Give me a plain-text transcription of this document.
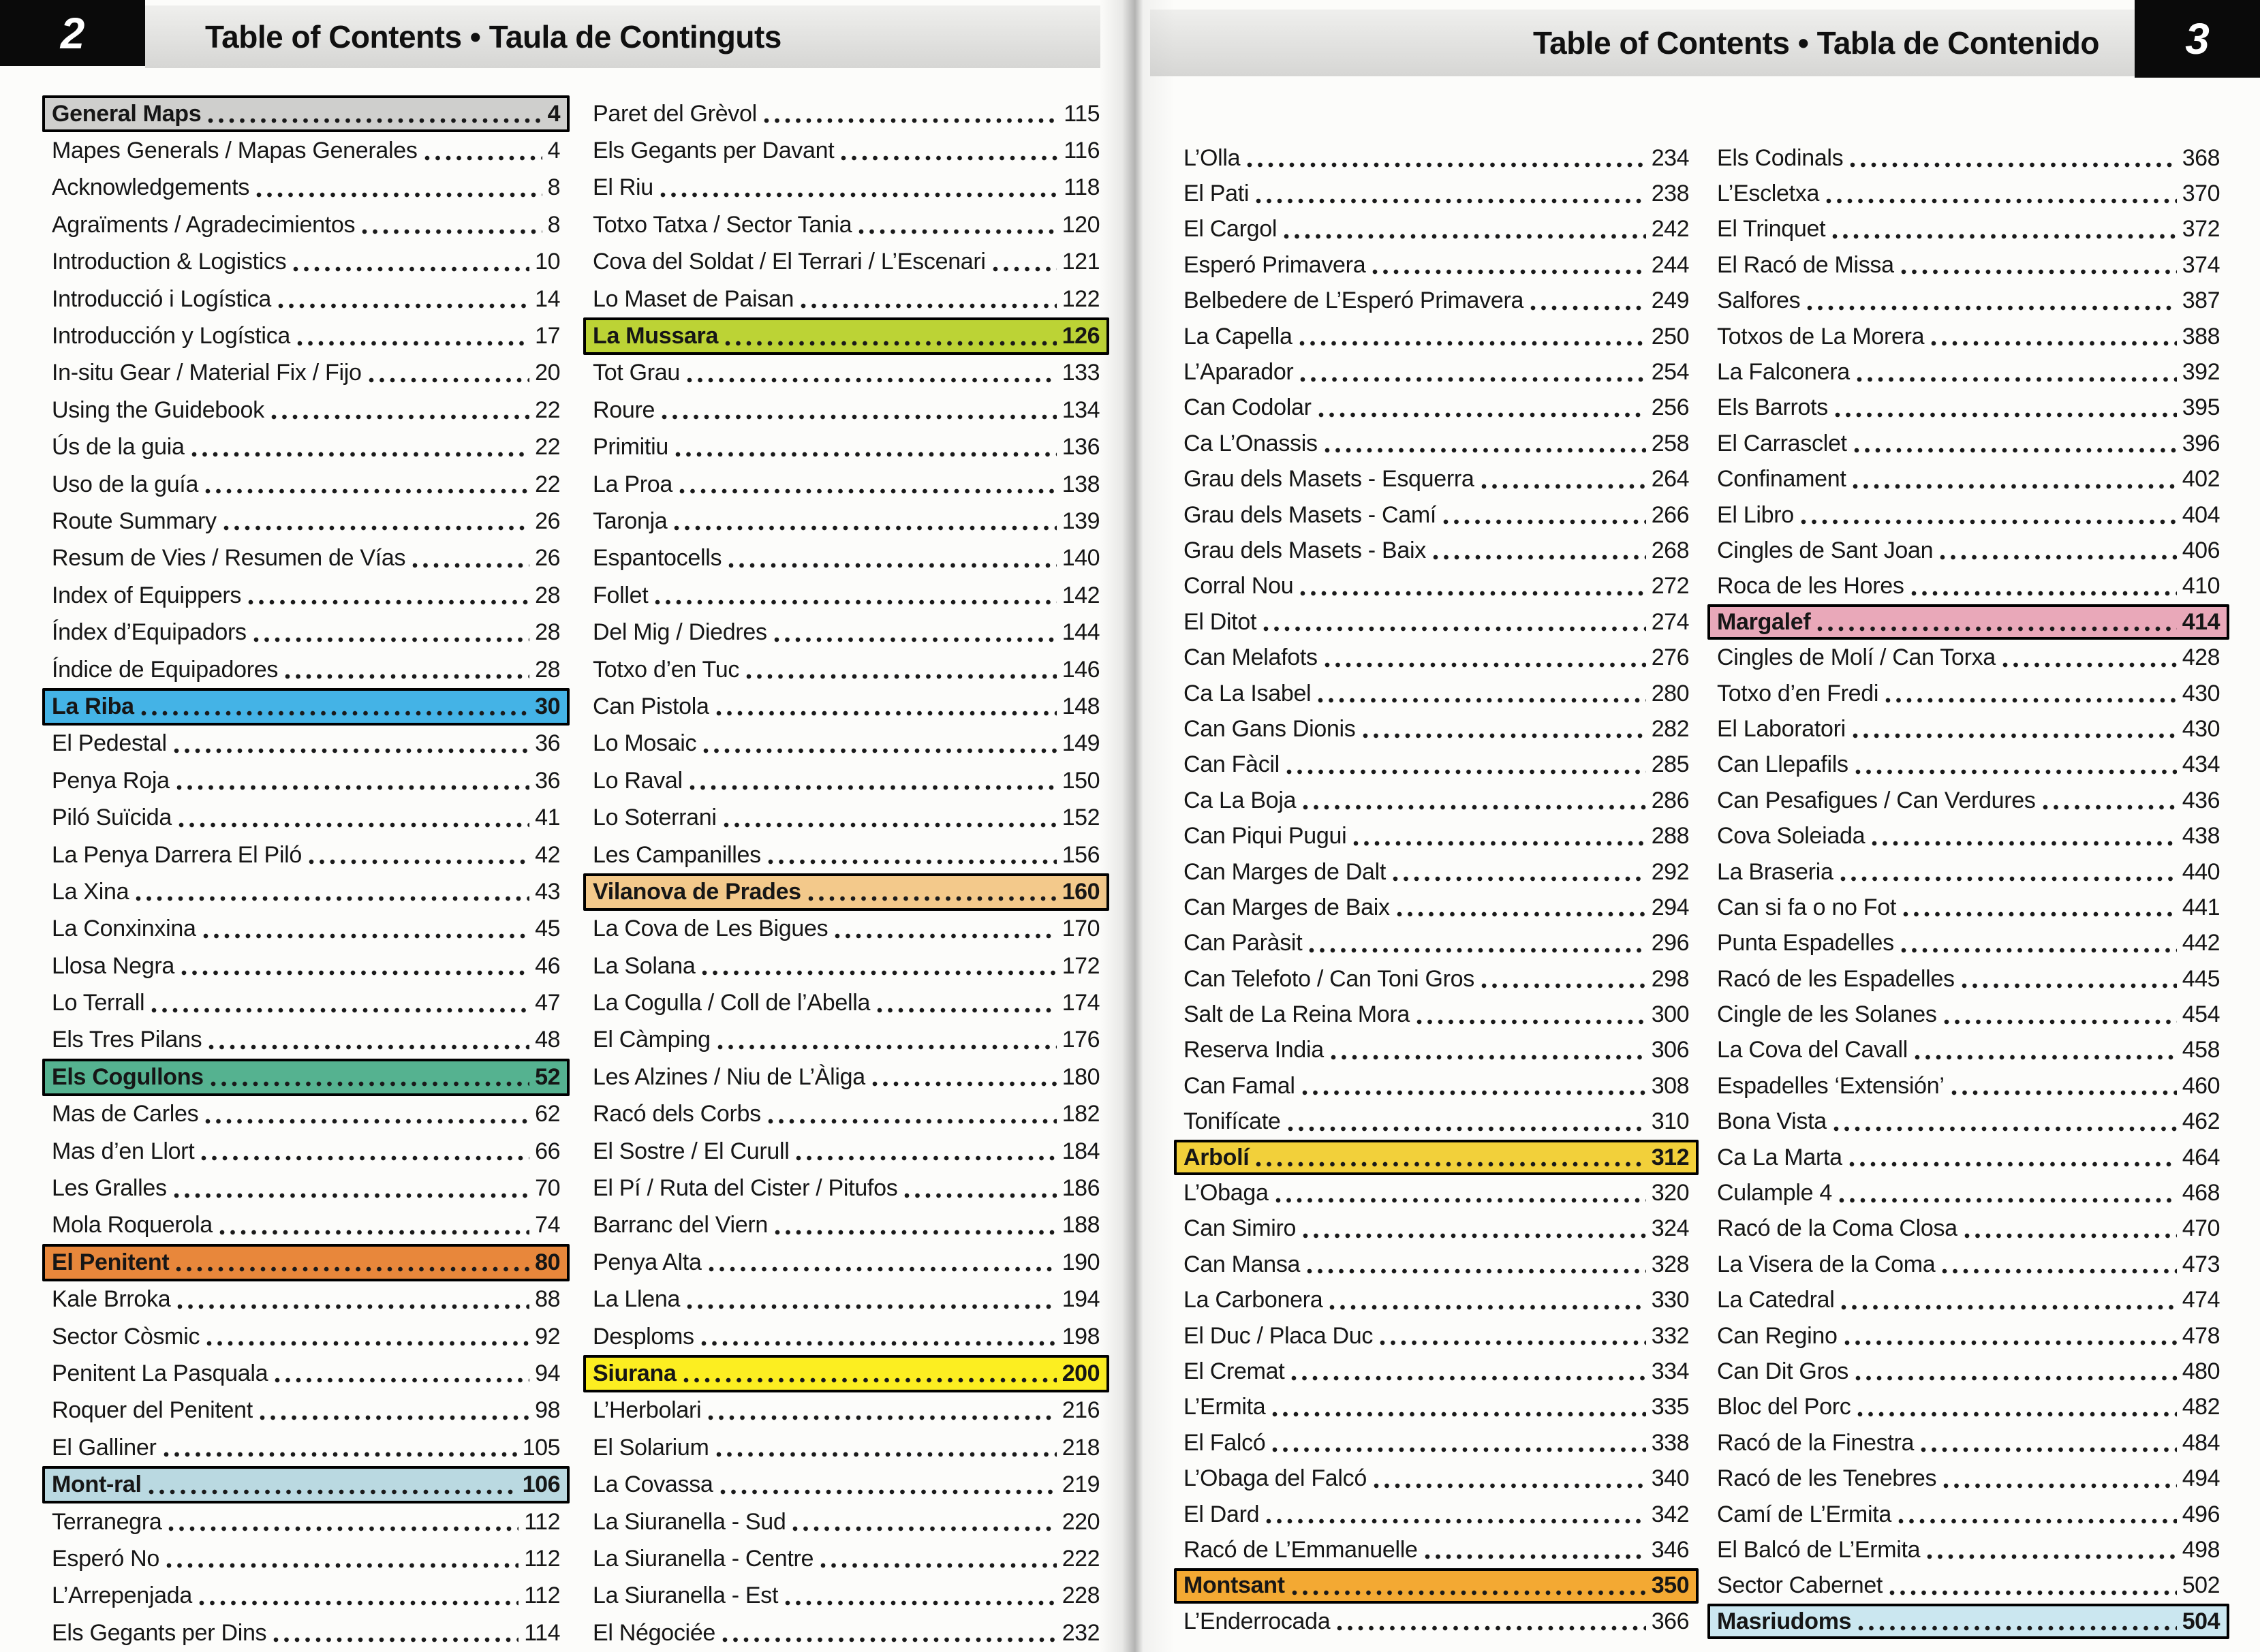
2	Table of Contents • Taula de Continguts	Table of Contents • Tabla de Contenido 3
General Maps	4
Mapes Generals / Mapas Generales	4
Acknowledgements	8
Agraïments / Agradecimientos	8
Introduction & Logistics	10
Introducció i Logística	14
Introducción y Logística	17
In-situ Gear / Material Fix / Fijo	20
Using the Guidebook	22
Ús de la guia	22
Uso de la guía	22
Route Summary	26
Resum de Vies / Resumen de Vías	26
Index of Equippers	28
Índex d’Equipadors	28
Índice de Equipadores	28
La Riba	30
El Pedestal	36
Penya Roja	36
Piló Suïcida	41
La Penya Darrera El Piló	42
La Xina	43
La Conxinxina	45
Llosa Negra	46
Lo Terrall	47
Els Tres Pilans	48
Els Cogullons	52
Mas de Carles	62
Mas d’en Llort	66
Les Gralles	70
Mola Roquerola	74
El Penitent	80
Kale Brroka	88
Sector Còsmic	92
Penitent La Pasquala	94
Roquer del Penitent	98
El Galliner	105
Mont-ral	106
Terranegra	112
Esperó No	112
L’Arrepenjada	112
Els Gegants per Dins	114
Paret del Grèvol	115
Els Gegants per Davant	116
El Riu	118
Totxo Tatxa / Sector Tania	120
Cova del Soldat / El Terrari / L’Escenari	121
Lo Maset de Paisan	122
La Mussara	126
Tot Grau	133
Roure	134
Primitiu	136
La Proa	138
Taronja	139
Espantocells	140
Follet	142
Del Mig / Diedres	144
Totxo d’en Tuc	146
Can Pistola	148
Lo Mosaic	149
Lo Raval	150
Lo Soterrani	152
Les Campanilles	156
Vilanova de Prades	160
La Cova de Les Bigues	170
La Solana	172
La Cogulla / Coll de l’Abella	174
El Càmping	176
Les Alzines / Niu de L’Àliga	180
Racó dels Corbs	182
El Sostre / El Curull	184
El Pí / Ruta del Cister / Pitufos	186
Barranc del Viern	188
Penya Alta	190
La Llena	194
Desploms	198
Siurana	200
L’Herbolari	216
El Solarium	218
La Covassa	219
La Siuranella - Sud	220
La Siuranella - Centre	222
La Siuranella - Est	228
El Négociée	232
L’Olla	234
El Pati	238
El Cargol	242
Esperó Primavera	244
Belbedere de L’Esperó Primavera	249
La Capella	250
L’Aparador	254
Can Codolar	256
Ca L’Onassis	258
Grau dels Masets - Esquerra	264
Grau dels Masets - Camí	266
Grau dels Masets - Baix	268
Corral Nou	272
El Ditot	274
Can Melafots	276
Ca La Isabel	280
Can Gans Dionis	282
Can Fàcil	285
Ca La Boja	286
Can Piqui Pugui	288
Can Marges de Dalt	292
Can Marges de Baix	294
Can Paràsit	296
Can Telefoto / Can Toni Gros	298
Salt de La Reina Mora	300
Reserva India	306
Can Famal	308
Tonifícate	310
Arbolí	312
L’Obaga	320
Can Simiro	324
Can Mansa	328
La Carbonera	330
El Duc / Placa Duc	332
El Cremat	334
L’Ermita	335
El Falcó	338
L’Obaga del Falcó	340
El Dard	342
Racó de L’Emmanuelle	346
Montsant	350
L’Enderrocada	366
Els Codinals	368
L’Escletxa	370
El Trinquet	372
El Racó de Missa	374
Salfores	387
Totxos de La Morera	388
La Falconera	392
Els Barrots	395
El Carrasclet	396
Confinament	402
El Libro	404
Cingles de Sant Joan	406
Roca de les Hores	410
Margalef	414
Cingles de Molí / Can Torxa	428
Totxo d’en Fredi	430
El Laboratori	430
Can Llepafils	434
Can Pesafigues / Can Verdures	436
Cova Soleiada	438
La Braseria	440
Can si fa o no Fot	441
Punta Espadelles	442
Racó de les Espadelles	445
Cingle de les Solanes	454
La Cova del Cavall	458
Espadelles ‘Extensión’	460
Bona Vista	462
Ca La Marta	464
Culample 4	468
Racó de la Coma Closa	470
La Visera de la Coma	473
La Catedral	474
Can Regino	478
Can Dit Gros	480
Bloc del Porc	482
Racó de la Finestra	484
Racó de les Tenebres	494
Camí de L’Ermita	496
El Balcó de L’Ermita	498
Sector Cabernet	502
Masriudoms	504
